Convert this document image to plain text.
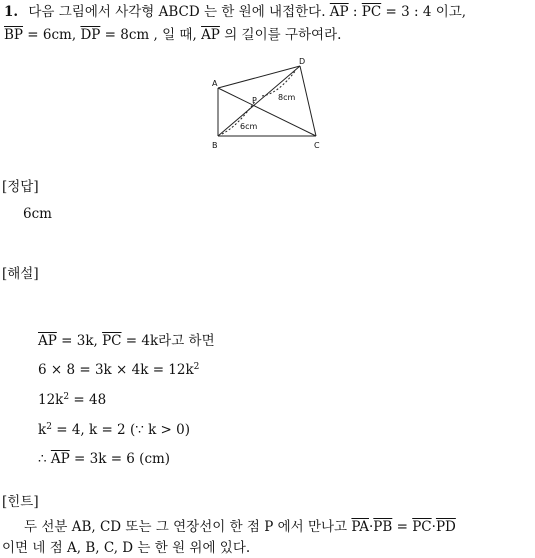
1. 다음 그림에서 사각형 ABCD 는 한 원에 내접한다. $\overline{AP}$ : $\overline{PC} = 3$ : 4 이고,
$\overline{BP} = 6cm$, $\overline{DP} = 8cm$ , 일 때, $\overline{AP}$ 의 길이를 구하여라.
A
B	C
D
P	8cm
6cm
[정답]
6cm
[해설]
$\overline{AP} = 3k$, $\overline{PC} = 4k$라고 하면
$6 \times 8 = 3k \times 4k = 12k^2$
$12k^2 = 48$
$k^2 = 4$, k = 2 (∵ k > 0)
∴ $\overline{AP} = 3k = 6$ (cm)
[힌트]
두 선분 AB, CD 또는 그 연장선이 한 점 P 에서 만나고 $\overline{PA}\cdot\overline{PB} = \overline{PC}\cdot\overline{PD}$
이면 네 점 A, B, C, D 는 한 원 위에 있다.
